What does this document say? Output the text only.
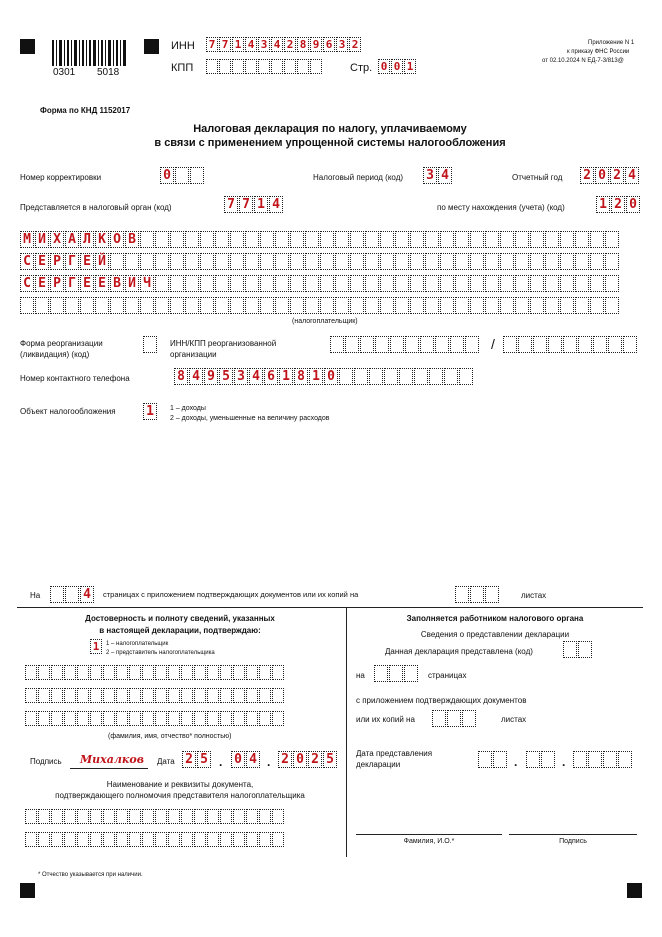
0301 5018
ИНН 7 7 1 4 3 4 2 8 9 6 3 2
КПП	Стр. 0 0 1
Приложение N 1
к приказу ФНС России
от 02.10.2024 N ЕД-7-3/813@
Форма по КНД 1152017
Налоговая декларация по налогу, уплачиваемому
в связи с применением упрощенной системы налогообложения
Номер корректировки	0	Налоговый период (код) 3 4	Отчетный год 2 0 2 4
Представляется в налоговый орган (код)	7 7 1 4	по месту нахождения (учета) (код)	1 2 0
М И Х А Л К О В
С Е Р Г Е Й
С Е Р Г Е Е В И Ч
(налогоплательщик)
Форма реорганизации
(ликвидация) (код)
ИНН/КПП реорганизованной
организации
/
Номер контактного телефона	8 4 9 5 3 4 6 1 8 1 0
Объект налогообложения 1	1 – доходы
2 – доходы, уменьшенные на величину расходов
На	4	страницах с приложением подтверждающих документов или их копий на	листах
Достоверность и полноту сведений, указанных
в настоящей декларации, подтверждаю:
1	1 – налогоплательщик
2 – представитель налогоплательщика
(фамилия, имя, отчество* полностью)
Подпись Михалков Дата 2 5 . 0 4 . 2 0 2 5
Наименование и реквизиты документа,
подтверждающего полномочия представителя налогоплательщика
Заполняется работником налогового органа
Сведения о представлении декларации
Данная декларация представлена (код)
на	страницах
с приложением подтверждающих документов
или их копий на	листах
Дата представления
декларации	.	.
Фамилия, И.О.*	Подпись
* Отчество указывается при наличии.
